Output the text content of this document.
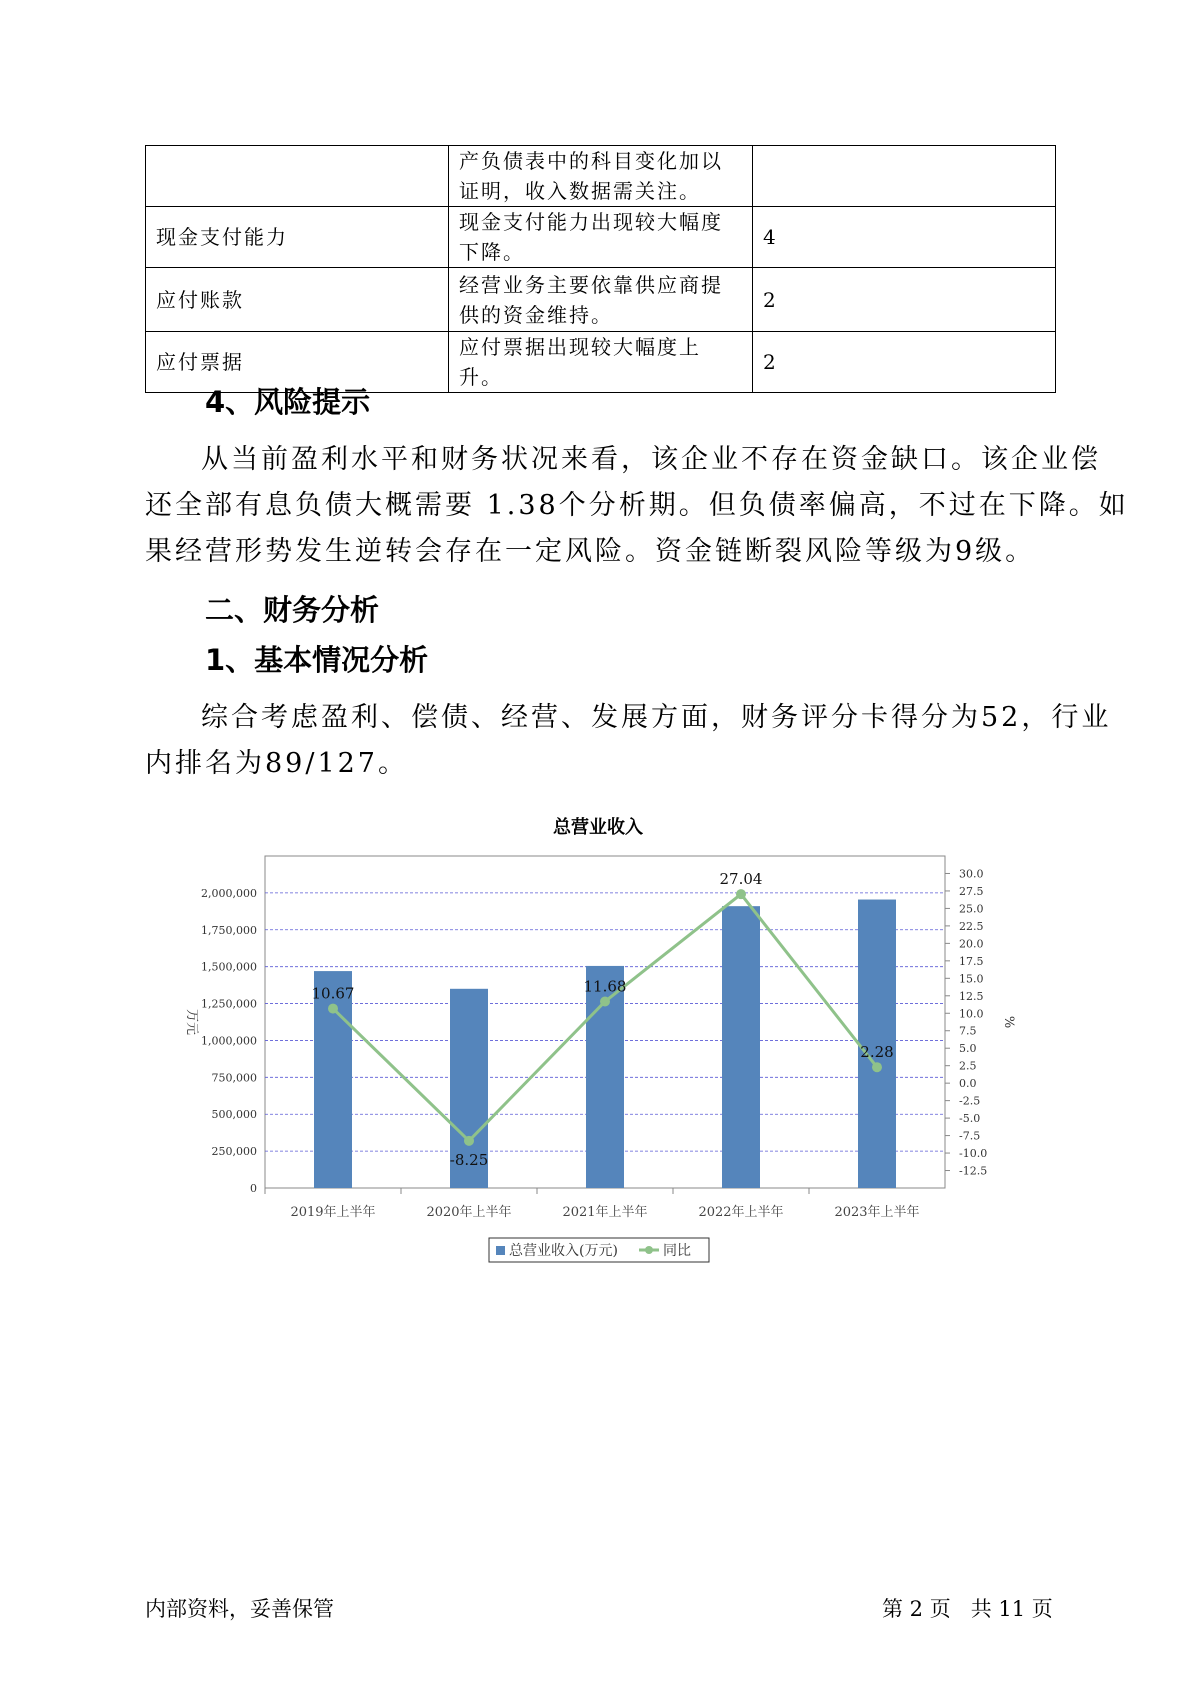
	产负债表中的科目变化加以证明，收入数据需关注。	
现金支付能力	现金支付能力出现较大幅度下降。	4
应付账款	经营业务主要依靠供应商提供的资金维持。	2
应付票据	应付票据出现较大幅度上升。	2
4、风险提示
从当前盈利水平和财务状况来看，该企业不存在资金缺口。该企业偿
还全部有息负债大概需要 1.38个分析期。但负债率偏高，不过在下降。如
果经营形势发生逆转会存在一定风险。资金链断裂风险等级为9级。
二、财务分析
1、基本情况分析
综合考虑盈利、偿债、经营、发展方面，财务评分卡得分为52，行业
内排名为89/127。
总营业收入
0
250,000
500,000
750,000
1,000,000
1,250,000
1,500,000
1,750,000
2,000,000
万元
30.0
27.5
25.0
22.5
20.0
17.5
15.0
12.5
10.0
7.5
5.0
2.5
0.0
-2.5
-5.0
-7.5
-10.0
-12.5
%
2019年上半年	2020年上半年	2021年上半年	2022年上半年	2023年上半年
10.67
-8.25
11.68
27.04
2.28
总营业收入(万元)	同比
内部资料，妥善保管	第 2 页   共 11 页
